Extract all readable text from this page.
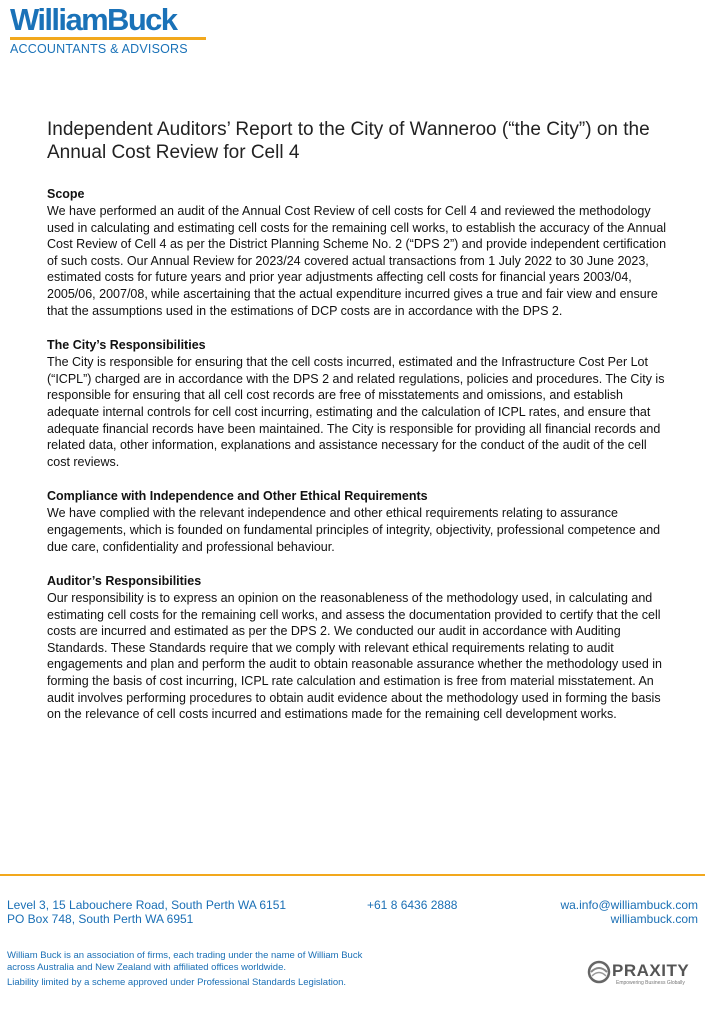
WilliamBuck
ACCOUNTANTS & ADVISORS
Independent Auditors’ Report to the City of Wanneroo (“the City”) on the Annual Cost Review for Cell 4

Scope

We have performed an audit of the Annual Cost Review of cell costs for Cell 4 and reviewed the methodology used in calculating and estimating cell costs for the remaining cell works, to establish the accuracy of the Annual Cost Review of Cell 4 as per the District Planning Scheme No. 2 (“DPS 2”) and provide independent certification of such costs. Our Annual Review for 2023/24 covered actual transactions from 1 July 2022 to 30 June 2023, estimated costs for future years and prior year adjustments affecting cell costs for financial years 2003/04, 2005/06, 2007/08, while ascertaining that the actual expenditure incurred gives a true and fair view and ensure that the assumptions used in the estimations of DCP costs are in accordance with the DPS 2.

The City’s Responsibilities

The City is responsible for ensuring that the cell costs incurred, estimated and the Infrastructure Cost Per Lot (“ICPL”) charged are in accordance with the DPS 2 and related regulations, policies and procedures. The City is responsible for ensuring that all cell cost records are free of misstatements and omissions, and establish adequate internal controls for cell cost incurring, estimating and the calculation of ICPL rates, and ensure that adequate financial records have been maintained. The City is responsible for providing all financial records and related data, other information, explanations and assistance necessary for the conduct of the audit of the cell cost reviews.

Compliance with Independence and Other Ethical Requirements

We have complied with the relevant independence and other ethical requirements relating to assurance engagements, which is founded on fundamental principles of integrity, objectivity, professional competence and due care, confidentiality and professional behaviour.

Auditor’s Responsibilities

Our responsibility is to express an opinion on the reasonableness of the methodology used, in calculating and estimating cell costs for the remaining cell works, and assess the documentation provided to certify that the cell costs are incurred and estimated as per the DPS 2. We conducted our audit in accordance with Auditing Standards. These Standards require that we comply with relevant ethical requirements relating to audit engagements and plan and perform the audit to obtain reasonable assurance whether the methodology used in forming the basis of cost incurring, ICPL rate calculation and estimation is free from material misstatement. An audit involves performing procedures to obtain audit evidence about the methodology used in forming the basis on the relevance of cell costs incurred and estimations made for the remaining cell development works.

Level 3, 15 Labouchere Road, South Perth WA 6151
PO Box 748, South Perth WA 6951
+61 8 6436 2888	wa.info@williambuck.com
williambuck.com
William Buck is an association of firms, each trading under the name of William Buck
across Australia and New Zealand with affiliated offices worldwide.
Liability limited by a scheme approved under Professional Standards Legislation.
PRAXITY
Empowering Business Globally
